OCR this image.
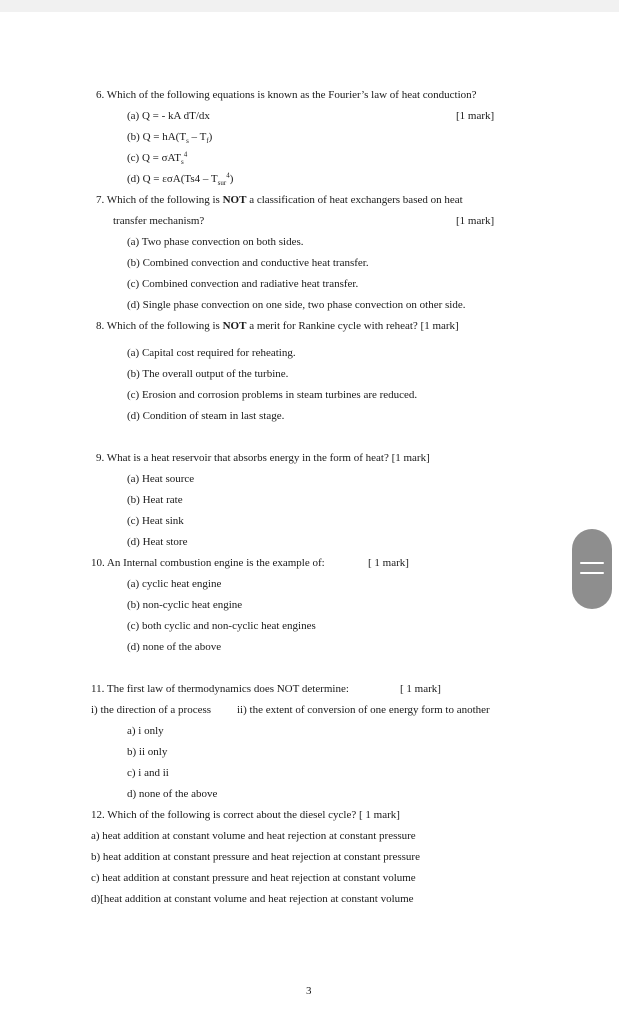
6. Which of the following equations is known as the Fourier’s law of heat conduction?
[1 mark]
(a) Q = - kA dT/dx
(b) $Q = hA(T_s - T_f)$
(c) Q = σAT$_s^4$
(d) $Q = \varepsilon\sigma A(Ts4 - T_{sur}^4)$
7. Which of the following is NOT a classification of heat exchangers based on heat
transfer mechanism?	[1 mark]
(a) Two phase convection on both sides.
(b) Combined convection and conductive heat transfer.
(c) Combined convection and radiative heat transfer.
(d) Single phase convection on one side, two phase convection on other side.
8. Which of the following is NOT a merit for Rankine cycle with reheat? [1 mark]
(a) Capital cost required for reheating.
(b) The overall output of the turbine.
(c) Erosion and corrosion problems in steam turbines are reduced.
(d) Condition of steam in last stage.
9. What is a heat reservoir that absorbs energy in the form of heat? [1 mark]
(a) Heat source
(b) Heat rate
(c) Heat sink
(d) Heat store
10. An Internal combustion engine is the example of:	[ 1 mark]
(a) cyclic heat engine
(b) non-cyclic heat engine
(c) both cyclic and non-cyclic heat engines
(d) none of the above
11. The first law of thermodynamics does NOT determine:	[ 1 mark]
i) the direction of a process ii) the extent of conversion of one energy form to another
a) i only
b) ii only
c) i and ii
d) none of the above
12. Which of the following is correct about the diesel cycle? [ 1 mark]
a) heat addition at constant volume and heat rejection at constant pressure
b) heat addition at constant pressure and heat rejection at constant pressure
c) heat addition at constant pressure and heat rejection at constant volume
d)[heat addition at constant volume and heat rejection at constant volume
3
